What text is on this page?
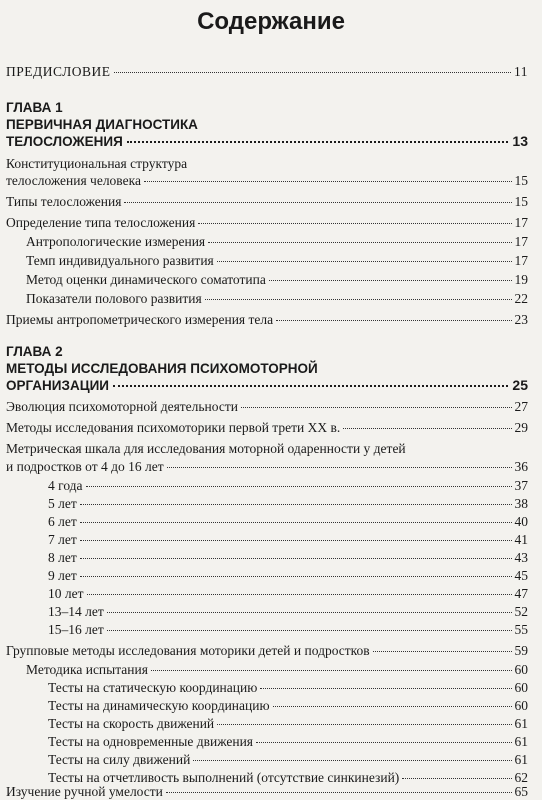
Содержание
ПРЕДИСЛОВИЕ	11
ГЛАВА 1
ПЕРВИЧНАЯ ДИАГНОСТИКА
ТЕЛОСЛОЖЕНИЯ	13
Конституциональная структура
телосложения человека	15
Типы телосложения	15
Определение типа телосложения	17
Антропологические измерения	17
Темп индивидуального развития	17
Метод оценки динамического соматотипа	19
Показатели полового развития	22
Приемы антропометрического измерения тела	23
ГЛАВА 2
МЕТОДЫ ИССЛЕДОВАНИЯ ПСИХОМОТОРНОЙ
ОРГАНИЗАЦИИ	25
Эволюция психомоторной деятельности	27
Методы исследования психомоторики первой трети XX в.	29
Метрическая шкала для исследования моторной одаренности у детей
и подростков от 4 до 16 лет	36
4 года	37
5 лет	38
6 лет	40
7 лет	41
8 лет	43
9 лет	45
10 лет	47
13–14 лет	52
15–16 лет	55
Групповые методы исследования моторики детей и подростков	59
Методика испытания	60
Тесты на статическую координацию	60
Тесты на динамическую координацию	60
Тесты на скорость движений	61
Тесты на одновременные движения	61
Тесты на силу движений	61
Тесты на отчетливость выполнений (отсутствие синкинезий)	62
Изучение ручной умелости	65
